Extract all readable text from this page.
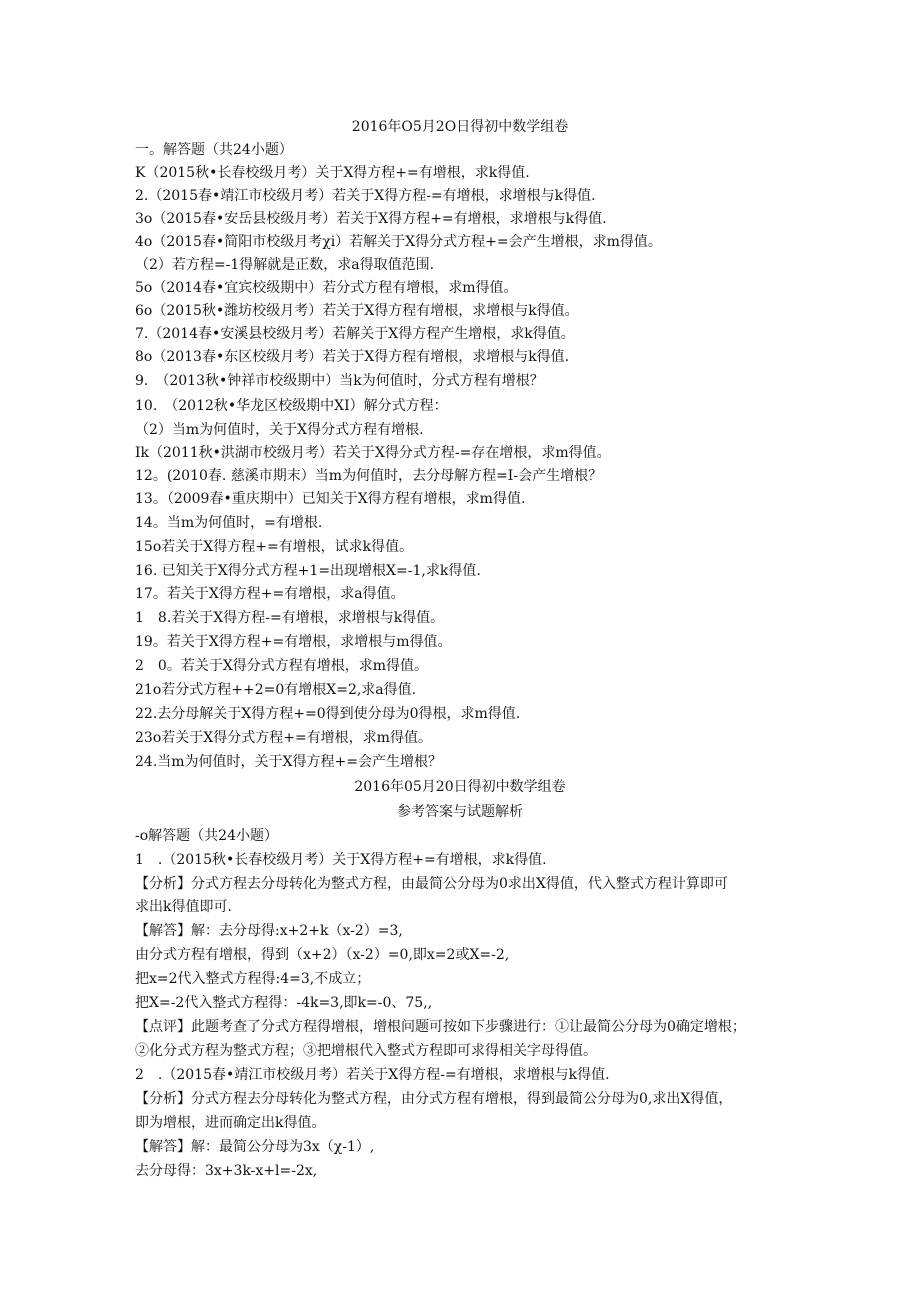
2016年O5月2O日得初中数学组卷
一。解答题（共24小题）
K（2015秋•长春校级月考）关于X得方程+=有增根，求k得值.
2.（2015春•靖江市校级月考）若关于X得方程-=有增根，求增根与k得值.
3o（2015春•安岳县校级月考）若关于X得方程+=有增根，求增根与k得值.
4o（2015春•简阳市校级月考χi）若解关于X得分式方程+=会产生增根，求m得值。
（2）若方程=-1得解就是正数，求a得取值范围.
5o（2014春•宜宾校级期中）若分式方程有增根，求m得值。
6o（2015秋•潍坊校级月考）若关于X得方程有增根，求增根与k得值。
7.（2014春•安溪县校级月考）若解关于X得方程产生增根，求k得值。
8o（2013春•东区校级月考）若关于X得方程有增根，求增根与k得值.
9.　（2013秋•钟祥市校级期中）当k为何值时，分式方程有增根？
10.　（2012秋•华龙区校级期中XI）解分式方程：
（2）当m为何值时，关于X得分式方程有增根.
Ik（2011秋•洪湖市校级月考）若关于X得分式方程-=存在增根，求m得值。
12。(2010春. 慈溪市期末）当m为何值时，去分母解方程=I-会产生增根？
13。（2009春•重庆期中）已知关于X得方程有增根，求m得值.
14。当m为何值时，=有增根.
15o若关于X得方程+=有增根，试求k得值。
16. 已知关于X得分式方程+1=出现增根X=-1,求k得值.
17。若关于X得方程+=有增根，求a得值。
1　8.若关于X得方程-=有增根，求增根与k得值。
19。若关于X得方程+=有增根，求增根与m得值。
2　0。若关于X得分式方程有增根，求m得值。
21o若分式方程++2=0有增根X=2,求a得值.
22.去分母解关于X得方程+=0得到使分母为0得根，求m得值.
23o若关于X得分式方程+=有增根，求m得值。
24.当m为何值时，关于X得方程+=会产生增根？
2016年05月20日得初中数学组卷
参考答案与试题解析
-o解答题（共24小题）
1　.（2015秋•长春校级月考）关于X得方程+=有增根，求k得值.
【分析】分式方程去分母转化为整式方程，由最简公分母为0求出X得值，代入整式方程计算即可
求出k得值即可.
【解答】解：去分母得:x+2+k（x-2）=3,
由分式方程有增根，得到（x+2）（x-2）=0,即x=2或X=-2,
把x=2代入整式方程得:4=3,不成立；
把X=-2代入整式方程得：-4k=3,即k=-0、75,,
【点评】此题考查了分式方程得增根，增根问题可按如下步骤进行：①让最简公分母为0确定增根；
②化分式方程为整式方程；③把增根代入整式方程即可求得相关字母得值。
2　.（2015春•靖江市校级月考）若关于X得方程-=有增根，求增根与k得值.
【分析】分式方程去分母转化为整式方程，由分式方程有增根，得到最简公分母为0,求出X得值，
即为增根，进而确定出k得值。
【解答】解：最简公分母为3x（χ-1）,
去分母得：3x+3k-x+l=-2x,
